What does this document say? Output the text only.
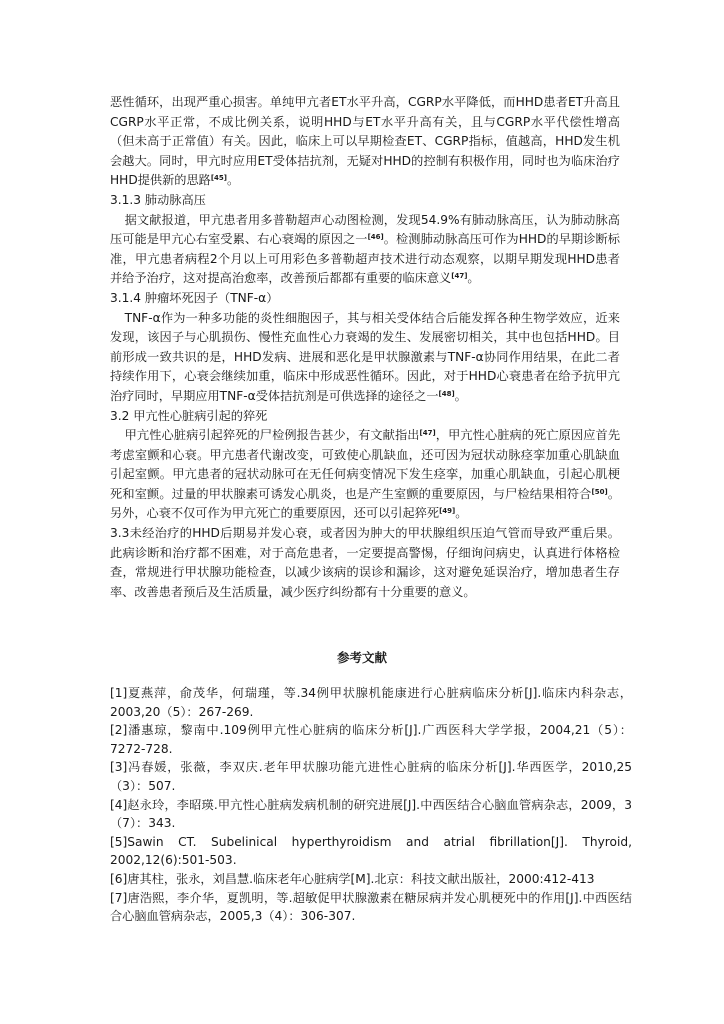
恶性循环，出现严重心损害。单纯甲亢者ET水平升高，CGRP水平降低，而HHD患者ET升高且CGRP水平正常，不成比例关系，说明HHD与ET水平升高有关，且与CGRP水平代偿性增高（但未高于正常值）有关。因此，临床上可以早期检查ET、CGRP指标，值越高，HHD发生机会越大。同时，甲亢时应用ET受体拮抗剂，无疑对HHD的控制有积极作用，同时也为临床治疗HHD提供新的思路[45]。

3.1.3 肺动脉高压

据文献报道，甲亢患者用多普勒超声心动图检测，发现54.9%有肺动脉高压，认为肺动脉高压可能是甲亢心右室受累、右心衰竭的原因之一[46]。检测肺动脉高压可作为HHD的早期诊断标准，甲亢患者病程2个月以上可用彩色多普勒超声技术进行动态观察，以期早期发现HHD患者并给予治疗，这对提高治愈率，改善预后都都有重要的临床意义[47]。

3.1.4 肿瘤坏死因子（TNF-α）

TNF-α作为一种多功能的炎性细胞因子，其与相关受体结合后能发挥各种生物学效应，近来发现，该因子与心肌损伤、慢性充血性心力衰竭的发生、发展密切相关，其中也包括HHD。目前形成一致共识的是，HHD发病、进展和恶化是甲状腺激素与TNF-α协同作用结果，在此二者持续作用下，心衰会继续加重，临床中形成恶性循环。因此，对于HHD心衰患者在给予抗甲亢治疗同时，早期应用TNF-α受体拮抗剂是可供选择的途径之一[48]。

3.2 甲亢性心脏病引起的猝死

甲亢性心脏病引起猝死的尸检例报告甚少，有文献指出[47]，甲亢性心脏病的死亡原因应首先考虑室颤和心衰。甲亢患者代谢改变，可致使心肌缺血，还可因为冠状动脉痉挛加重心肌缺血引起室颤。甲亢患者的冠状动脉可在无任何病变情况下发生痉挛，加重心肌缺血，引起心肌梗死和室颤。过量的甲状腺素可诱发心肌炎，也是产生室颤的重要原因，与尸检结果相符合[50]。另外，心衰不仅可作为甲亢死亡的重要原因，还可以引起猝死[49]。

3.3未经治疗的HHD后期易并发心衰，或者因为肿大的甲状腺组织压迫气管而导致严重后果。此病诊断和治疗都不困难，对于高危患者，一定要提高警惕，仔细询问病史，认真进行体格检查，常规进行甲状腺功能检查，以减少该病的误诊和漏诊，这对避免延误治疗，增加患者生存率、改善患者预后及生活质量，减少医疗纠纷都有十分重要的意义。

参考文献

[1]夏燕萍，俞茂华，何瑞瑾，等.34例甲状腺机能康进行心脏病临床分析[J].临床内科杂志，2003,20（5）：267-269.

[2]潘惠琼，黎南中.109例甲亢性心脏病的临床分析[J].广西医科大学学报，2004,21（5）：7272-728.

[3]冯春媛，张薇，李双庆.老年甲状腺功能亢进性心脏病的临床分析[J].华西医学，2010,25（3）：507.

[4]赵永玲，李昭瑛.甲亢性心脏病发病机制的研究进展[J].中西医结合心脑血管病杂志，2009，3（7）：343.

[5]Sawin CT. Subelinical hyperthyroidism and atrial fibrillation[J]. Thyroid, 2002,12(6):501-503.

[6]唐其柱，张永，刘昌慧.临床老年心脏病学[M].北京：科技文献出版社，2000:412-413

[7]唐浩熙，李介华，夏凯明，等.超敏促甲状腺激素在糖尿病并发心肌梗死中的作用[J].中西医结合心脑血管病杂志，2005,3（4）：306-307.
